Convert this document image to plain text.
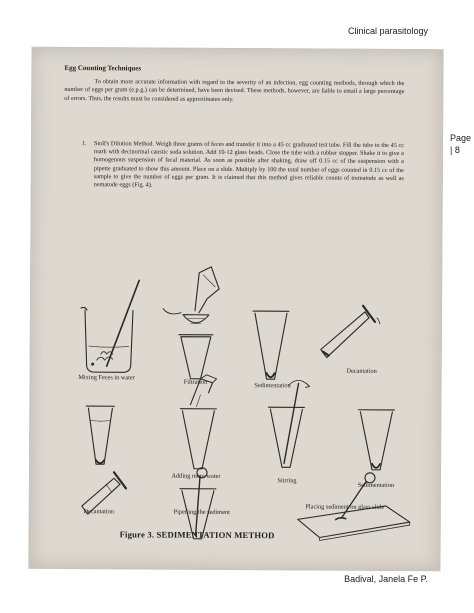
Clinical parasitology
Page
| 8
Badival, Janela Fe P.
Egg Counting Techniques

To obtain more accurate information with regard to the severity of an infection, egg counting methods, through which the number of eggs per gram (e.p.g.) can be determined, have been devised. These methods, however, are liable to entail a large percentage of errors. Thus, the results must be considered as approximates only.

1. Stoll's Dilution Method. Weigh three grams of feces and transfer it into a 45 cc graduated test tube. Fill the tube to the 45 cc mark with decinormal caustic soda solution. Add 10-12 glass beads. Close the tube with a rubber stopper. Shake it to give a homogenous suspension of fecal material. As soon as possible after shaking, draw off 0.15 cc of the suspension with a pipette graduated to show this amount. Place on a slide. Multiply by 100 the total number of eggs counted in 0.15 cc of the sample to give the number of eggs per gram. It is claimed that this method gives reliable counts of trematode as well as nematode eggs (Fig. 4).

Mixing Feces in water
Filtration	Sedimentation
Decantation
Adding more water
Stirring
Sedimentation
Decantation	Pipetting the sediment
Placing sediment on glass slide
Figure 3. SEDIMENTATION METHOD
